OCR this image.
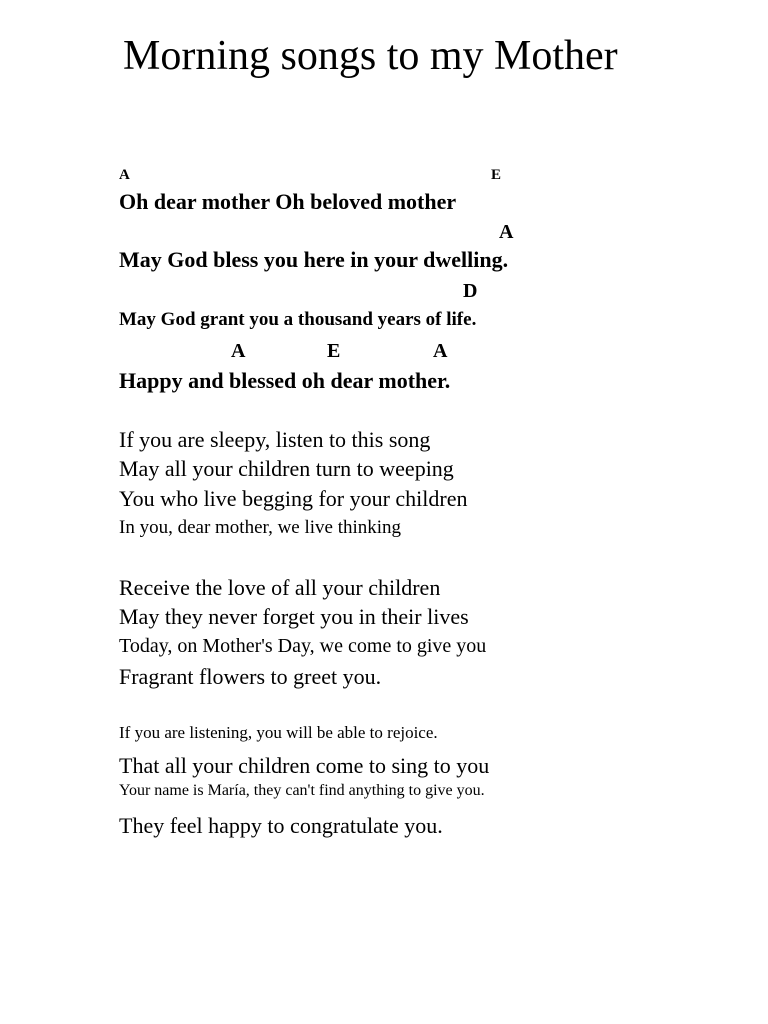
Morning songs to my Mother
A	E
Oh dear mother Oh beloved mother
A
May God bless you here in your dwelling.
D
May God grant you a thousand years of life.
A	E	A
Happy and blessed oh dear mother.
If you are sleepy, listen to this song
May all your children turn to weeping
You who live begging for your children
In you, dear mother, we live thinking
Receive the love of all your children
May they never forget you in their lives
Today, on Mother's Day, we come to give you
Fragrant flowers to greet you.
If you are listening, you will be able to rejoice.
That all your children come to sing to you
Your name is María, they can't find anything to give you.
They feel happy to congratulate you.
